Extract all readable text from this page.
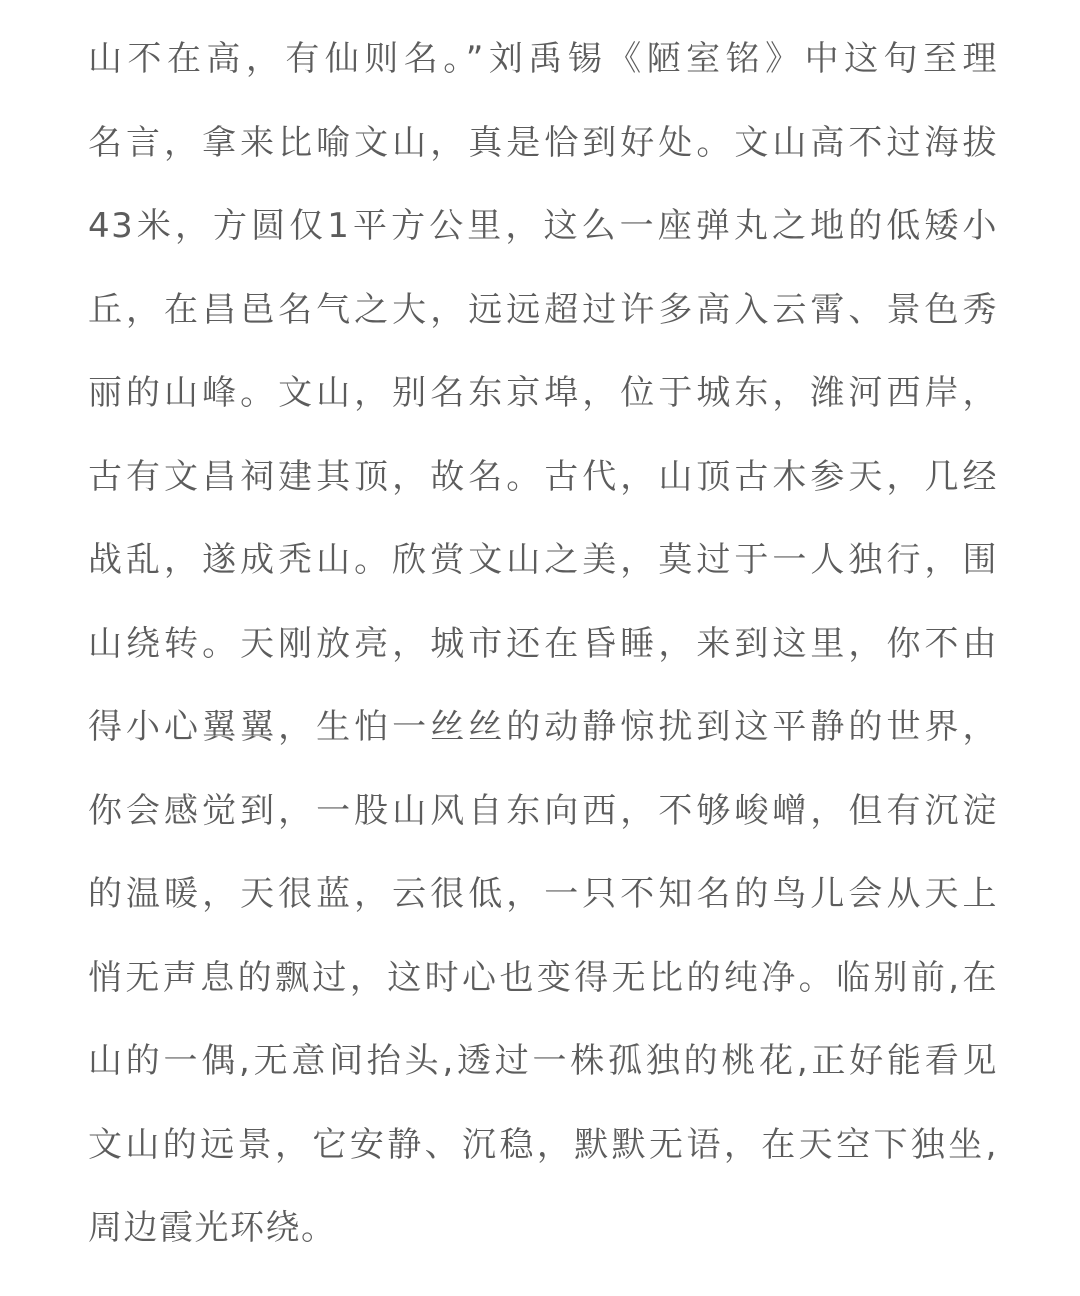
山不在高，有仙则名。”刘禹锡《陋室铭》中这句至理
名言，拿来比喻文山，真是恰到好处。文山高不过海拔
43米，方圆仅1平方公里，这么一座弹丸之地的低矮小
丘，在昌邑名气之大，远远超过许多高入云霄、景色秀
丽的山峰。文山，别名东京埠，位于城东，潍河西岸，
古有文昌祠建其顶，故名。古代，山顶古木参天，几经
战乱，遂成秃山。欣赏文山之美，莫过于一人独行，围
山绕转。天刚放亮，城市还在昏睡，来到这里，你不由
得小心翼翼，生怕一丝丝的动静惊扰到这平静的世界，
你会感觉到，一股山风自东向西，不够峻嶒，但有沉淀
的温暖，天很蓝，云很低，一只不知名的鸟儿会从天上
悄无声息的飘过，这时心也变得无比的纯净。临别前,在
山的一偶,无意间抬头,透过一株孤独的桃花,正好能看见
文山的远景，它安静、沉稳，默默无语，在天空下独坐,
周边霞光环绕。
